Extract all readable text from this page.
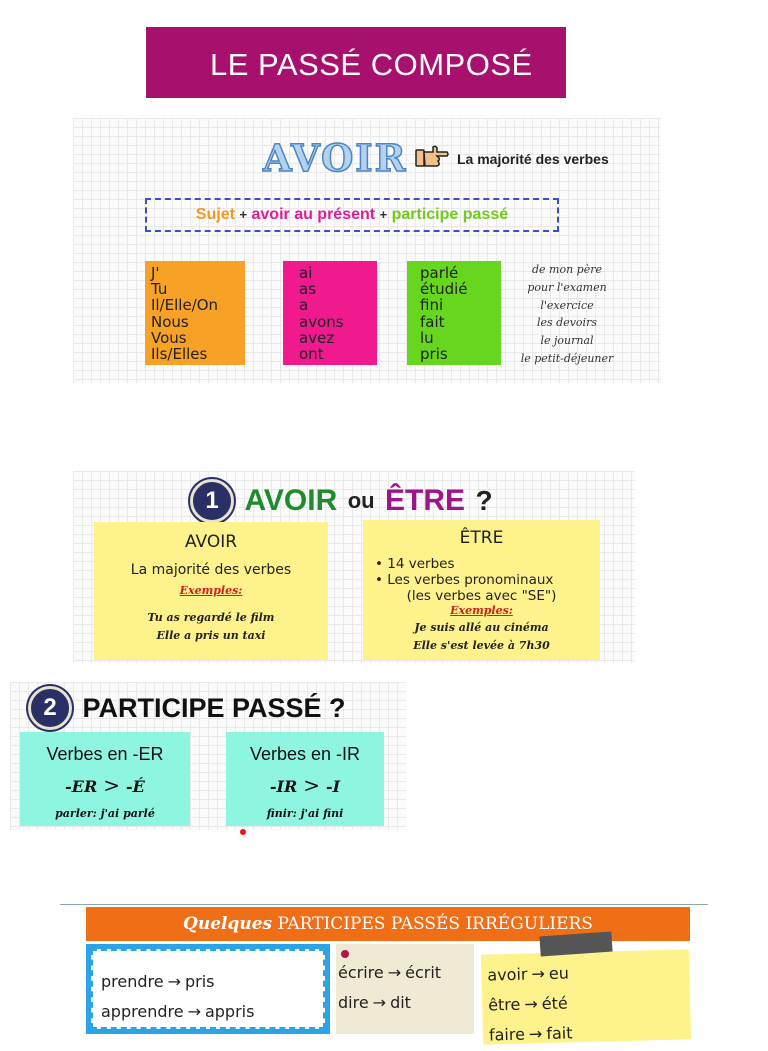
LE PASSÉ COMPOSÉ
AVOIR	La majorité des verbes
Sujet + avoir au présent + participe passé
J'
Tu
Il/Elle/On
Nous
Vous
Ils/Elles
ai
as
a
avons
avez
ont
parlé
étudié
fini
fait
lu
pris
de mon père
pour l'examen
l'exercice
les devoirs
le journal
le petit-déjeuner
1 AVOIR ou ÊTRE ?
AVOIR
La majorité des verbes
Exemples:
Tu as regardé le film
Elle a pris un taxi
ÊTRE
• 14 verbes
• Les verbes pronominaux
(les verbes avec "SE")
Exemples:
Je suis allé au cinéma
Elle s'est levée à 7h30
2 PARTICIPE PASSÉ ?
Verbes en -ER
-ER > -É
parler: j'ai parlé
Verbes en -IR
-IR > -I
finir: j'ai fini
Quelques PARTICIPES PASSÉS IRRÉGULIERS
prendre → pris
apprendre → appris
écrire → écrit
dire → dit
avoir → eu
être → été
faire → fait
